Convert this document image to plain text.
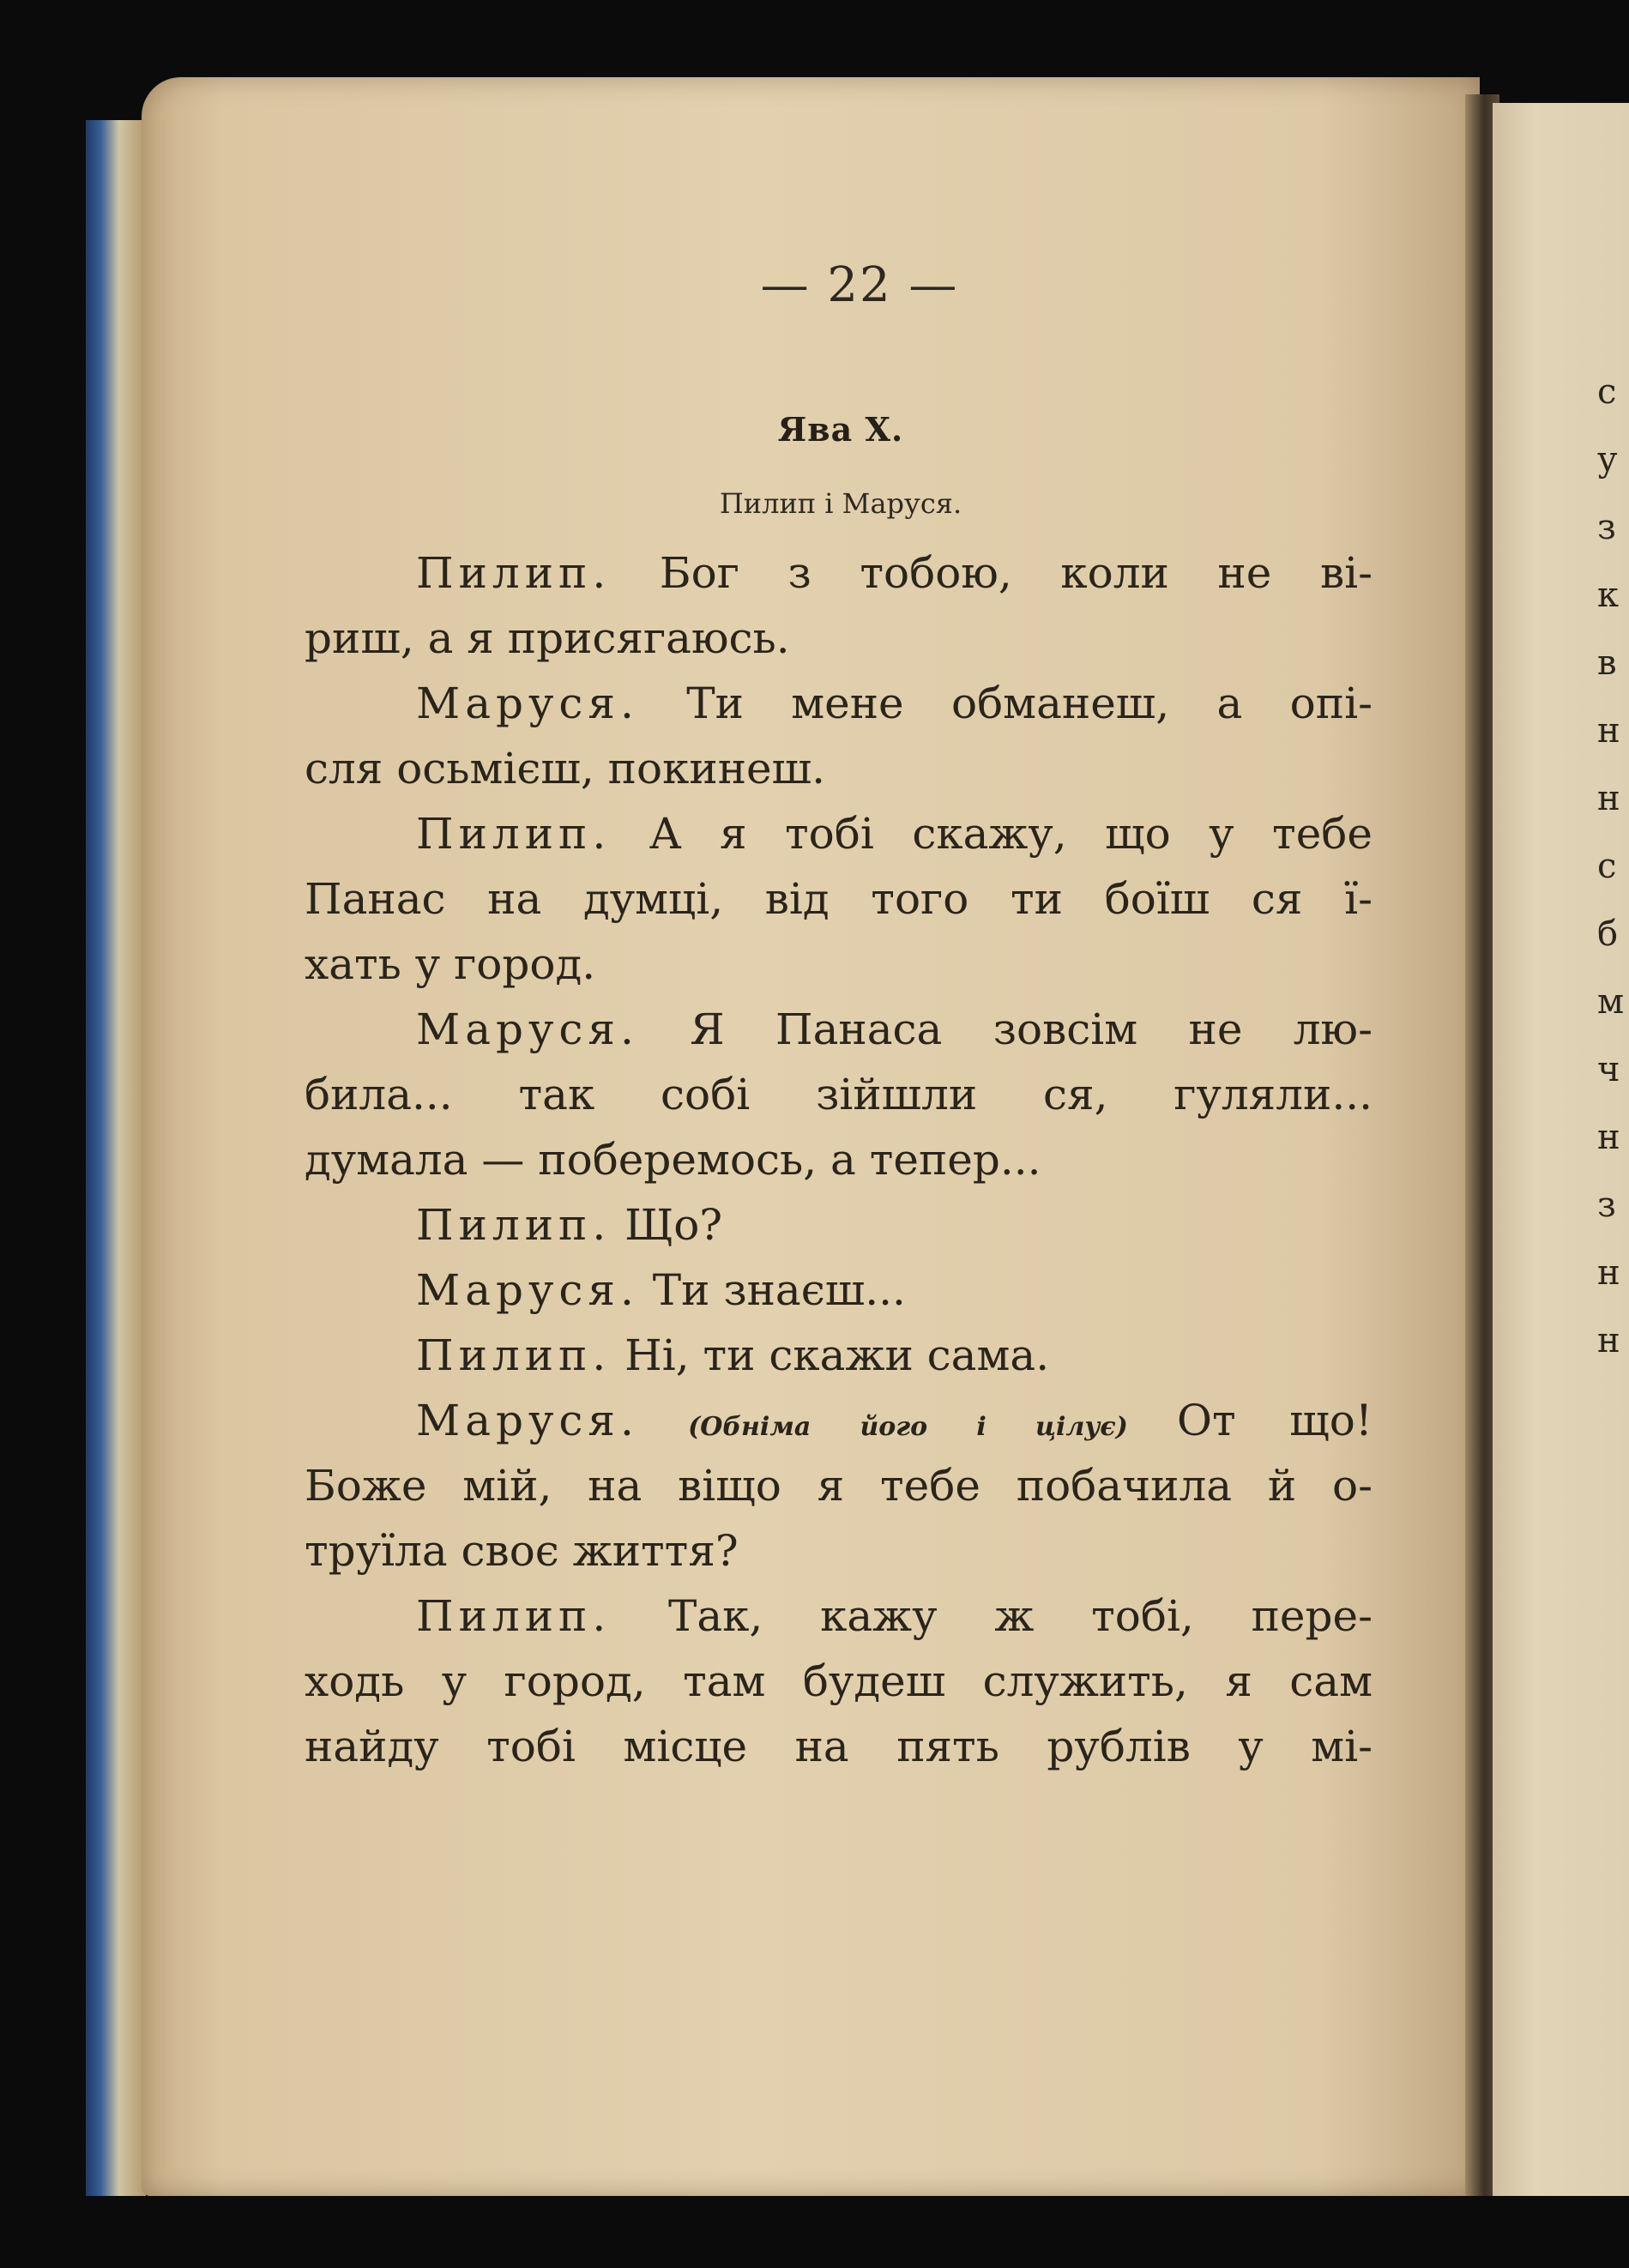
с
у
з
к
в
н
н
с
б
м
ч
н
з
н
н
— 22 —
Ява X.
Пилип і Маруся.
Пилип. Бог з тобою, коли не ві-
риш, а я присягаюсь.
Маруся. Ти мене обманеш, а опі-
сля осьмієш, покинеш.
Пилип. А я тобі скажу, що у тебе
Панас на думці, від того ти боїш ся ї-
хать у город.
Маруся. Я Панаса зовсім не лю-
била... так собі зійшли ся, гуляли...
думала — поберемось, а тепер...
Пилип. Що?
Маруся. Ти знаєш...
Пилип. Ні, ти скажи сама.
Маруся. (Обніма його і цілує) От що!
Боже мій, на віщо я тебе побачила й о-
труїла своє життя?
Пилип. Так, кажу ж тобі, пере-
ходь у город, там будеш служить, я сам
найду тобі місце на пять рублів у мі-
